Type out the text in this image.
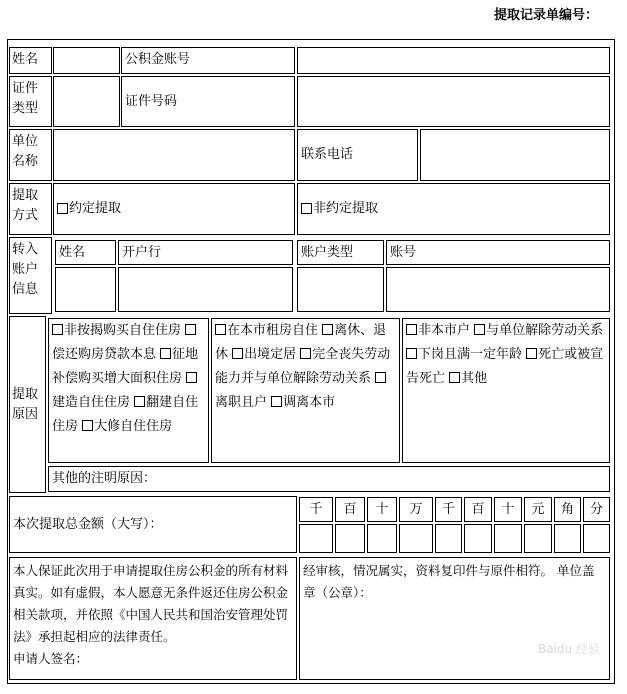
提取记录单编号：
姓名	公积金账号
证件
类型	证件号码
单位
名称	联系电话
提取
方式	约定提取	非约定提取
转入
账户
信息
姓名	开户行	账户类型	账号
提取
原因
非按揭购买自住住房 偿还购房贷款本息 征地补偿购买增大面积住房 建造自住住房 翻建自住住房 大修自住住房
在本市租房自住 离休、退休 出境定居 完全丧失劳动能力并与单位解除劳动关系 离职且户 调离本市
非本市户 与单位解除劳动关系 下岗且满一定年龄 死亡或被宣告死亡 其他
其他的注明原因：
本次提取总金额（大写）：
千	百	十	万	千	百	十	元	角	分
本人保证此次用于申请提取住房公积金的所有材料真实。如有虚假，本人愿意无条件返还住房公积金相关款项，并依照《中国人民共和国治安管理处罚法》承担起相应的法律责任。
申请人签名：
经审核，情况属实，资料复印件与原件相符。 单位盖章（公章）：
Baidu 经验
